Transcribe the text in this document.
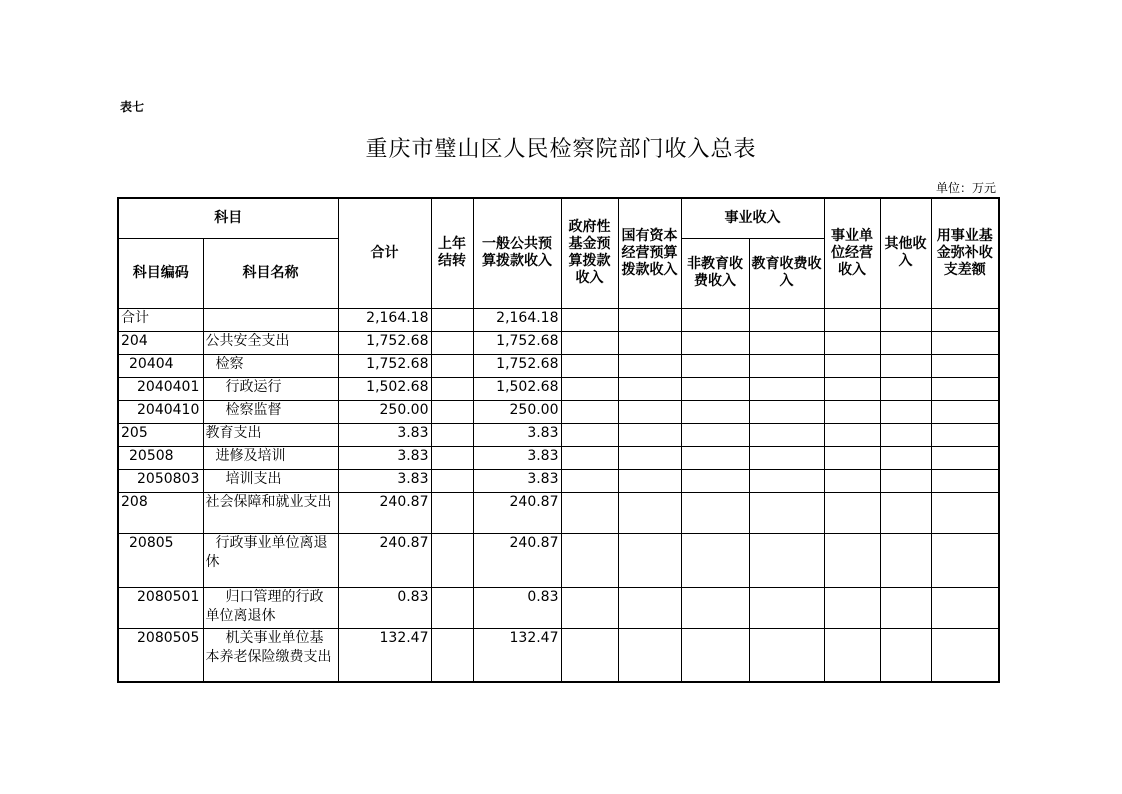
表七
重庆市璧山区人民检察院部门收入总表
单位：万元
科目		合计	上年结转	一般公共预算拨款收入	政府性基金预算拨款收入	国有资本经营预算拨款收入	事业收入		事业单位经营收入	其他收入	用事业基金弥补收支差额
科目编码	科目名称						非教育收费收入	教育收费收入			
合计		2,164.18		2,164.18							
204	公共安全支出	1,752.68		1,752.68							
20404	检察	1,752.68		1,752.68							
2040401	行政运行	1,502.68		1,502.68							
2040410	检察监督	250.00		250.00							
205	教育支出	3.83		3.83							
20508	进修及培训	3.83		3.83							
2050803	培训支出	3.83		3.83							
208	社会保障和就业支出	240.87		240.87							
20805	行政事业单位离退休	240.87		240.87							
2080501	归口管理的行政单位离退休	0.83		0.83							
2080505	机关事业单位基本养老保险缴费支出	132.47		132.47							
